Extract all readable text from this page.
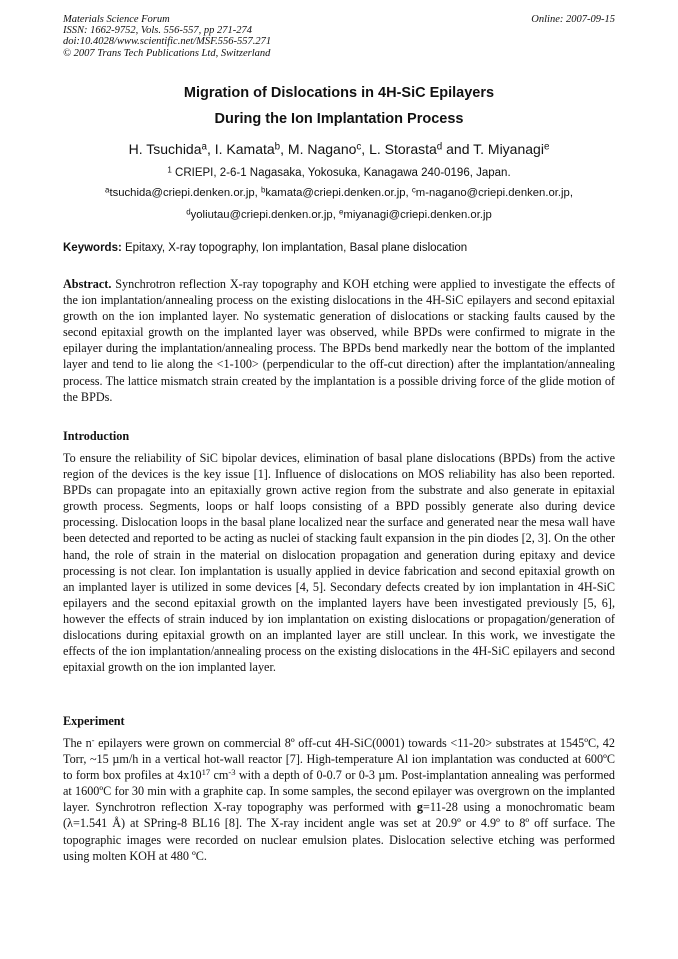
Materials Science Forum
ISSN: 1662-9752, Vols. 556-557, pp 271-274
doi:10.4028/www.scientific.net/MSF.556-557.271
© 2007 Trans Tech Publications Ltd, Switzerland
Online: 2007-09-15
Migration of Dislocations in 4H-SiC Epilayers
During the Ion Implantation Process
H. Tsuchida$^a$, I. Kamata$^b$, M. Nagano$^c$, L. Storasta$^d$ and T. Miyanagi$^e$
$^1$ CRIEPI, 2-6-1 Nagasaka, Yokosuka, Kanagawa 240-0196, Japan.
$^a$tsuchida@criepi.denken.or.jp, $^b$kamata@criepi.denken.or.jp, $^c$m-nagano@criepi.denken.or.jp,
$^d$yoliutau@criepi.denken.or.jp, $^e$miyanagi@criepi.denken.or.jp
Keywords: Epitaxy, X-ray topography, Ion implantation, Basal plane dislocation
Abstract. Synchrotron reflection X-ray topography and KOH etching were applied to investigate the effects of the ion implantation/annealing process on the existing dislocations in the 4H-SiC epilayers and second epitaxial growth on the ion implanted layer. No systematic generation of dislocations or stacking faults caused by the second epitaxial growth on the implanted layer was observed, while BPDs were confirmed to migrate in the epilayer during the implantation/annealing process. The BPDs bend markedly near the bottom of the implanted layer and tend to lie along the <1-100> (perpendicular to the off-cut direction) after the implantation/annealing process. The lattice mismatch strain created by the implantation is a possible driving force of the glide motion of the BPDs.
Introduction
To ensure the reliability of SiC bipolar devices, elimination of basal plane dislocations (BPDs) from the active region of the devices is the key issue [1]. Influence of dislocations on MOS reliability has also been reported. BPDs can propagate into an epitaxially grown active region from the substrate and also generate in epitaxial growth process. Segments, loops or half loops consisting of a BPD possibly generate also during device processing. Dislocation loops in the basal plane localized near the surface and generated near the mesa wall have been detected and reported to be acting as nuclei of stacking fault expansion in the pin diodes [2, 3]. On the other hand, the role of strain in the material on dislocation propagation and generation during epitaxy and device processing is not clear. Ion implantation is usually applied in device fabrication and second epitaxial growth on an implanted layer is utilized in some devices [4, 5]. Secondary defects created by ion implantation in 4H-SiC epilayers and the second epitaxial growth on the implanted layers have been investigated previously [5, 6], however the effects of strain induced by ion implantation on existing dislocations or propagation/generation of dislocations during epitaxial growth on an implanted layer are still unclear. In this work, we investigate the effects of the ion implantation/annealing process on the existing dislocations in the 4H-SiC epilayers and second epitaxial growth on the ion implanted layer.
Experiment
The n- epilayers were grown on commercial 8º off-cut 4H-SiC(0001) towards <11-20> substrates at 1545ºC, 42 Torr, ~15 µm/h in a vertical hot-wall reactor [7]. High-temperature Al ion implantation was conducted at 600ºC to form box profiles at $4x10^{17}$ $cm^{-3}$ with a depth of 0-0.7 or 0-3 µm. Post-implantation annealing was performed at 1600ºC for 30 min with a graphite cap. In some samples, the second epilayer was overgrown on the implanted layer. Synchrotron reflection X-ray topography was performed with g=11-28 using a monochromatic beam (λ=1.541 Å) at SPring-8 BL16 [8]. The X-ray incident angle was set at 20.9º or 4.9º to 8º off surface. The topographic images were recorded on nuclear emulsion plates. Dislocation selective etching was performed using molten KOH at 480 ºC.
